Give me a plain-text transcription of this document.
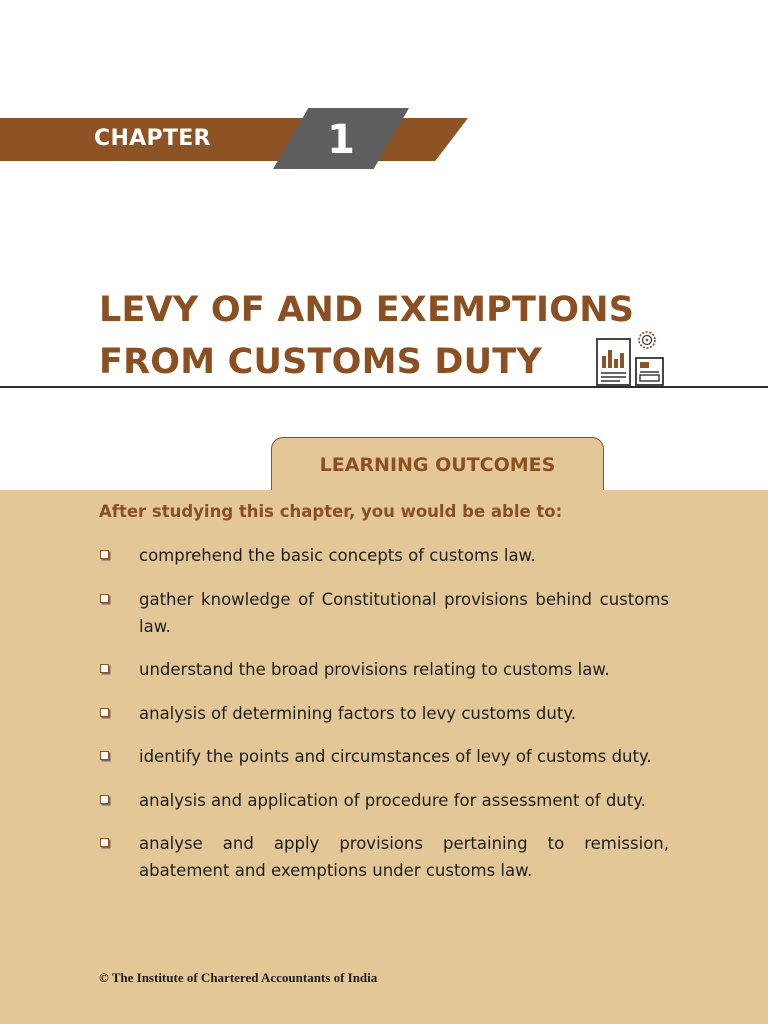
CHAPTER	1
LEVY OF AND EXEMPTIONS
FROM CUSTOMS DUTY
LEARNING OUTCOMES
After studying this chapter, you would be able to:
comprehend the basic concepts of customs law.
gather knowledge of Constitutional provisions behind customs law.
understand the broad provisions relating to customs law.
analysis of determining factors to levy customs duty.
identify the points and circumstances of levy of customs duty.
analysis and application of procedure for assessment of duty.
analyse and apply provisions pertaining to remission, abatement and exemptions under customs law.
© The Institute of Chartered Accountants of India
